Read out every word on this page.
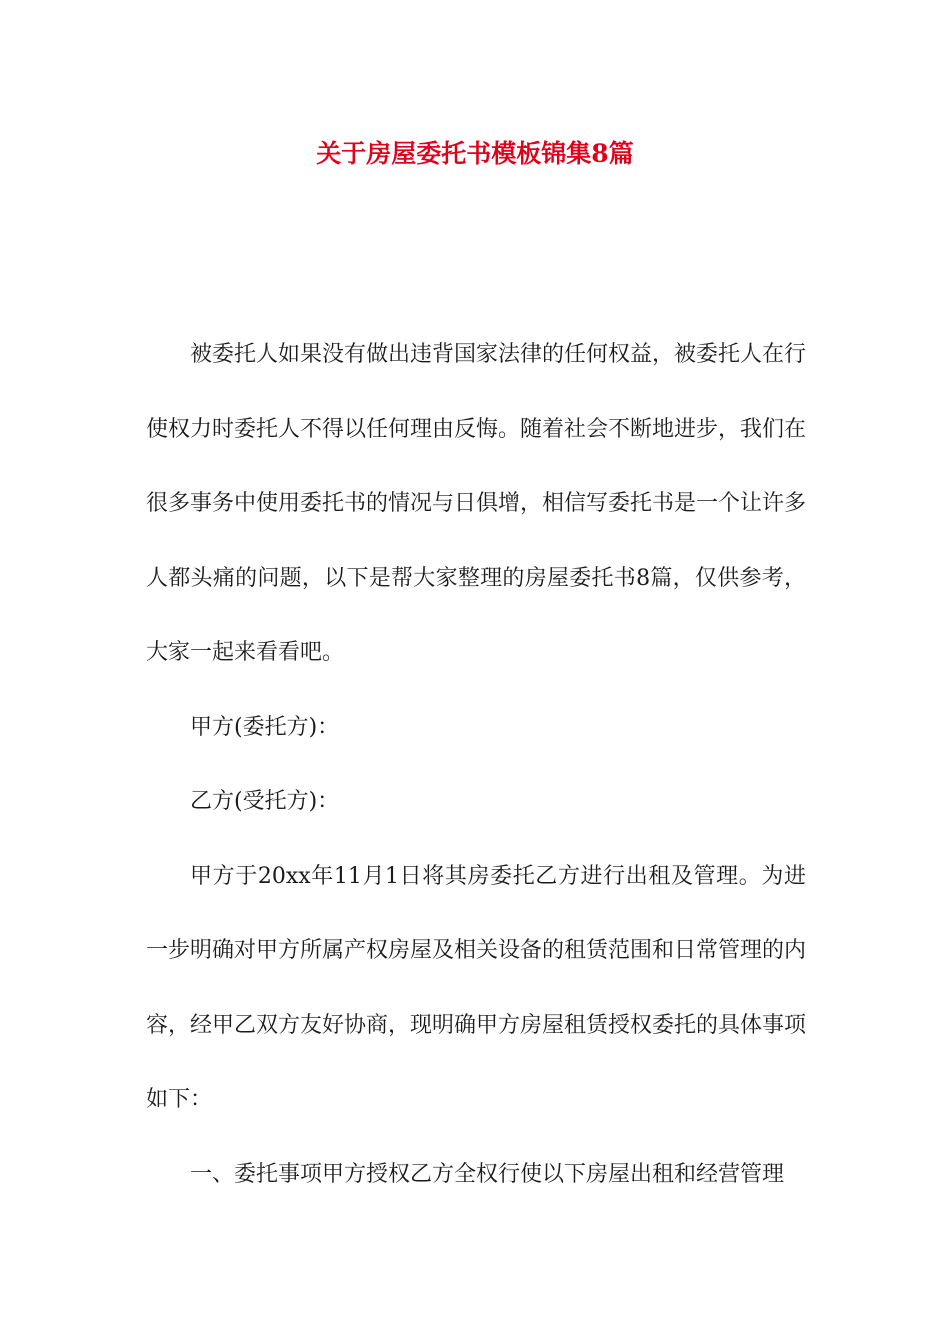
关于房屋委托书模板锦集8篇

被委托人如果没有做出违背国家法律的任何权益，被委托人在行使权力时委托人不得以任何理由反悔。随着社会不断地进步，我们在很多事务中使用委托书的情况与日俱增，相信写委托书是一个让许多人都头痛的问题，以下是帮大家整理的房屋委托书8篇，仅供参考，大家一起来看看吧。

甲方(委托方)：

乙方(受托方)：

甲方于20xx年11月1日将其房委托乙方进行出租及管理。为进一步明确对甲方所属产权房屋及相关设备的租赁范围和日常管理的内容，经甲乙双方友好协商，现明确甲方房屋租赁授权委托的具体事项如下：

一、委托事项甲方授权乙方全权行使以下房屋出租和经营管理
